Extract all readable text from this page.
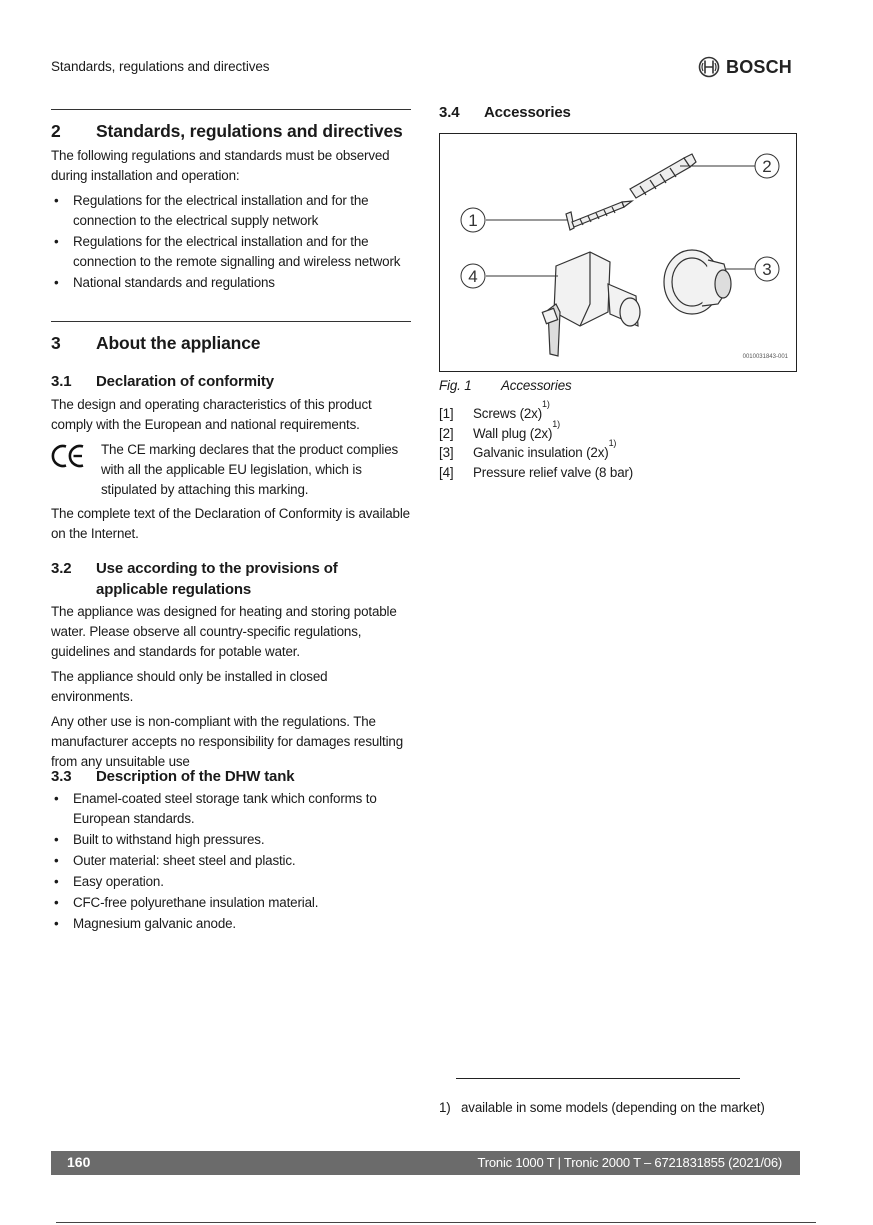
Standards, regulations and directives	BOSCH
2	Standards, regulations and directives

The following regulations and standards must be observed during installation and operation:

•	Regulations for the electrical installation and for the connection to the electrical supply network
•	Regulations for the electrical installation and for the connection to the remote signalling and wireless network
•	National standards and regulations
3	About the appliance
3.1	Declaration of conformity

The design and operating characteristics of this product comply with the European and national requirements.

The CE marking declares that the product complies with all the applicable EU legislation, which is stipulated by attaching this marking.

The complete text of the Declaration of Conformity is available on the Internet.

3.2	Use according to the provisions of applicable regulations

The appliance was designed for heating and storing potable water. Please observe all country-specific regulations, guidelines and standards for potable water.

The appliance should only be installed in closed environments.

Any other use is non-compliant with the regulations. The manufacturer accepts no responsibility for damages resulting from any unsuitable use

3.3	Description of the DHW tank
•	Enamel-coated steel storage tank which conforms to European standards.
•	Built to withstand high pressures.
•	Outer material: sheet steel and plastic.
•	Easy operation.
•	CFC-free polyurethane insulation material.
•	Magnesium galvanic anode.
3.4	Accessories
1
2
3
4
0010031843-001
Fig. 1 Accessories
[1]	Screws (2x)
1)
[2]	Wall plug (2x)
1)
[3]	Galvanic insulation (2x)
1)
[4]	Pressure relief valve (8 bar)
1) available in some models (depending on the market)
160	Tronic 1000 T | Tronic 2000 T – 6721831855 (2021/06)
